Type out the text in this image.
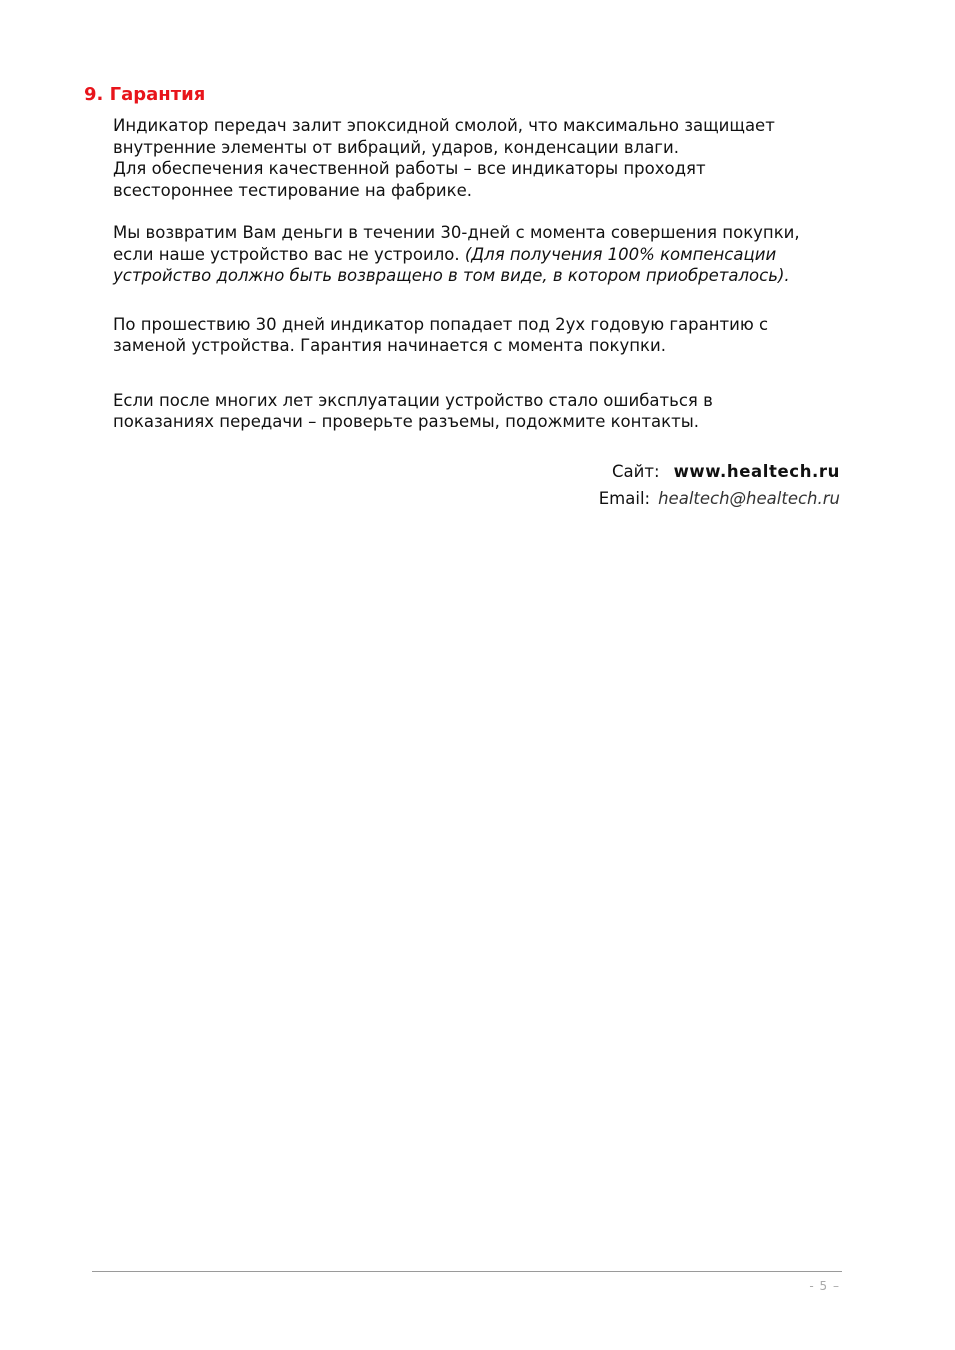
9. Гарантия

Индикатор передач залит эпоксидной смолой, что максимально защищает
внутренние элементы от вибраций, ударов, конденсации влаги.

Для обеспечения качественной работы – все индикаторы проходят
всестороннее тестирование на фабрике.

Мы возвратим Вам деньги в течении 30-дней с момента совершения покупки,
если наше устройство вас не устроило. (Для получения 100% компенсации
устройство должно быть возвращено в том виде, в котором приобреталось).

По прошествию 30 дней индикатор попадает под 2ух годовую гарантию с
заменой устройства. Гарантия начинается с момента покупки.

Если после многих лет эксплуатации устройство стало ошибаться в
показаниях передачи – проверьте разъемы, подожмите контакты.

Сайт: www.healtech.ru
Email: healtech@healtech.ru
- 5 –
